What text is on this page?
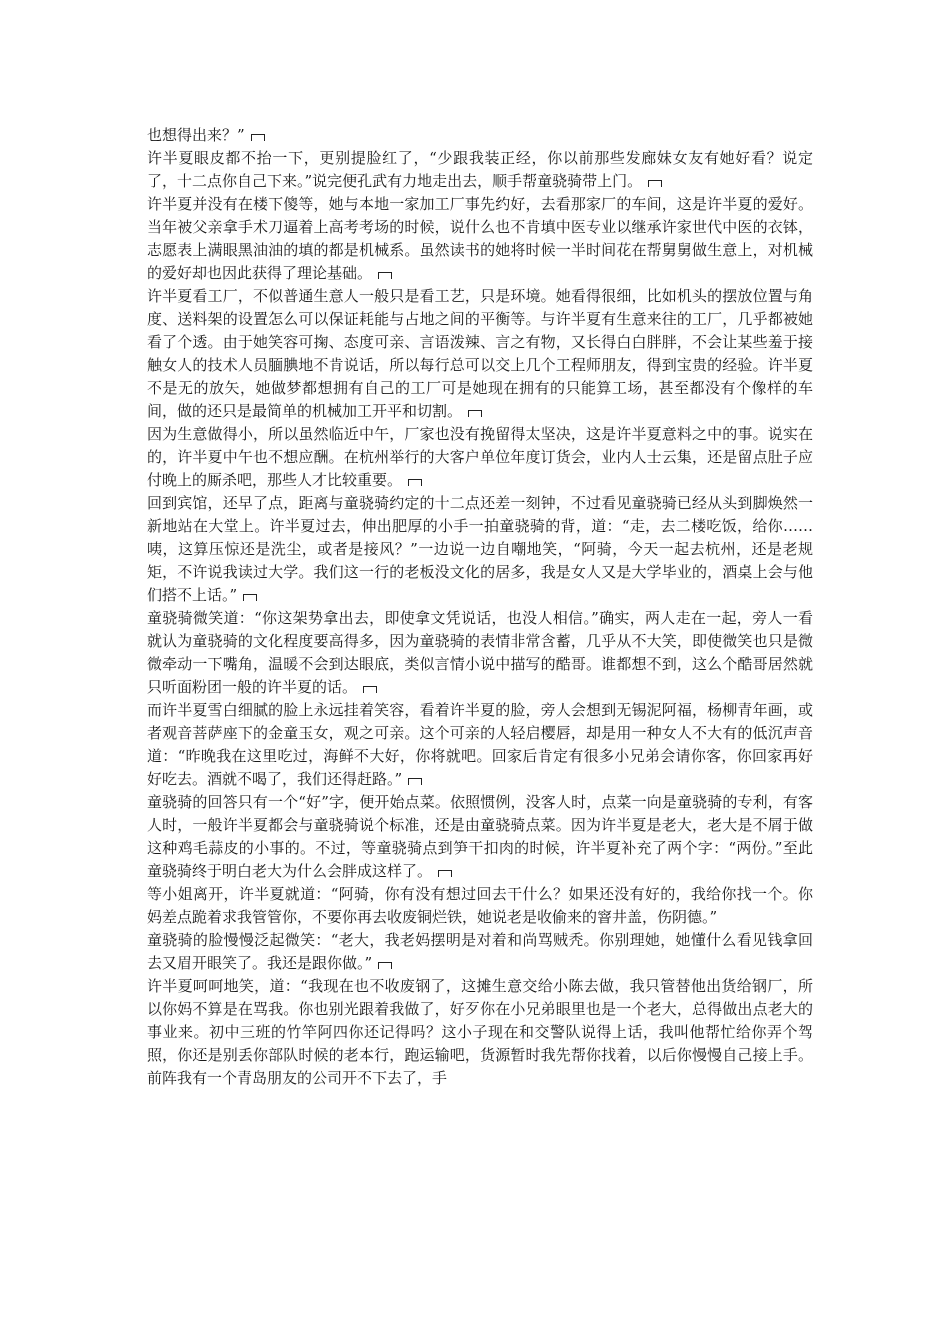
也想得出来？”

许半夏眼皮都不抬一下，更别提脸红了，“少跟我装正经，你以前那些发廊妹女友有她好看？说定了，十二点你自己下来。”说完便孔武有力地走出去，顺手帮童骁骑带上门。

许半夏并没有在楼下傻等，她与本地一家加工厂事先约好，去看那家厂的车间，这是许半夏的爱好。当年被父亲拿手术刀逼着上高考考场的时候，说什么也不肯填中医专业以继承许家世代中医的衣钵，志愿表上满眼黑油油的填的都是机械系。虽然读书的她将时候一半时间花在帮舅舅做生意上，对机械的爱好却也因此获得了理论基础。

许半夏看工厂，不似普通生意人一般只是看工艺，只是环境。她看得很细，比如机头的摆放位置与角度、送料架的设置怎么可以保证耗能与占地之间的平衡等。与许半夏有生意来往的工厂，几乎都被她看了个透。由于她笑容可掬、态度可亲、言语泼辣、言之有物，又长得白白胖胖，不会让某些羞于接触女人的技术人员腼腆地不肯说话，所以每行总可以交上几个工程师朋友，得到宝贵的经验。许半夏不是无的放矢，她做梦都想拥有自己的工厂可是她现在拥有的只能算工场，甚至都没有个像样的车间，做的还只是最简单的机械加工开平和切割。

因为生意做得小，所以虽然临近中午，厂家也没有挽留得太坚决，这是许半夏意料之中的事。说实在的，许半夏中午也不想应酬。在杭州举行的大客户单位年度订货会，业内人士云集，还是留点肚子应付晚上的厮杀吧，那些人才比较重要。

回到宾馆，还早了点，距离与童骁骑约定的十二点还差一刻钟，不过看见童骁骑已经从头到脚焕然一新地站在大堂上。许半夏过去，伸出肥厚的小手一拍童骁骑的背，道：“走，去二楼吃饭，给你……咦，这算压惊还是洗尘，或者是接风？”一边说一边自嘲地笑，“阿骑，今天一起去杭州，还是老规矩，不许说我读过大学。我们这一行的老板没文化的居多，我是女人又是大学毕业的，酒桌上会与他们搭不上话。”

童骁骑微笑道：“你这架势拿出去，即使拿文凭说话，也没人相信。”确实，两人走在一起，旁人一看就认为童骁骑的文化程度要高得多，因为童骁骑的表情非常含蓄，几乎从不大笑，即使微笑也只是微微牵动一下嘴角，温暖不会到达眼底，类似言情小说中描写的酷哥。谁都想不到，这么个酷哥居然就只听面粉团一般的许半夏的话。

而许半夏雪白细腻的脸上永远挂着笑容，看着许半夏的脸，旁人会想到无锡泥阿福，杨柳青年画，或者观音菩萨座下的金童玉女，观之可亲。这个可亲的人轻启樱唇，却是用一种女人不大有的低沉声音道：“昨晚我在这里吃过，海鲜不大好，你将就吧。回家后肯定有很多小兄弟会请你客，你回家再好好吃去。酒就不喝了，我们还得赶路。”

童骁骑的回答只有一个“好”字，便开始点菜。依照惯例，没客人时，点菜一向是童骁骑的专利，有客人时，一般许半夏都会与童骁骑说个标准，还是由童骁骑点菜。因为许半夏是老大，老大是不屑于做这种鸡毛蒜皮的小事的。不过，等童骁骑点到笋干扣肉的时候，许半夏补充了两个字：“两份。”至此童骁骑终于明白老大为什么会胖成这样了。

等小姐离开，许半夏就道：“阿骑，你有没有想过回去干什么？如果还没有好的，我给你找一个。你妈差点跪着求我管管你，不要你再去收废铜烂铁，她说老是收偷来的窨井盖，伤阴德。”

童骁骑的脸慢慢泛起微笑：“老大，我老妈摆明是对着和尚骂贼秃。你别理她，她懂什么看见钱拿回去又眉开眼笑了。我还是跟你做。”

许半夏呵呵地笑，道：“我现在也不收废钢了，这摊生意交给小陈去做，我只管替他出货给钢厂，所以你妈不算是在骂我。你也别光跟着我做了，好歹你在小兄弟眼里也是一个老大，总得做出点老大的事业来。初中三班的竹竿阿四你还记得吗？这小子现在和交警队说得上话，我叫他帮忙给你弄个驾照，你还是别丢你部队时候的老本行，跑运输吧，货源暂时我先帮你找着，以后你慢慢自己接上手。前阵我有一个青岛朋友的公司开不下去了，手
